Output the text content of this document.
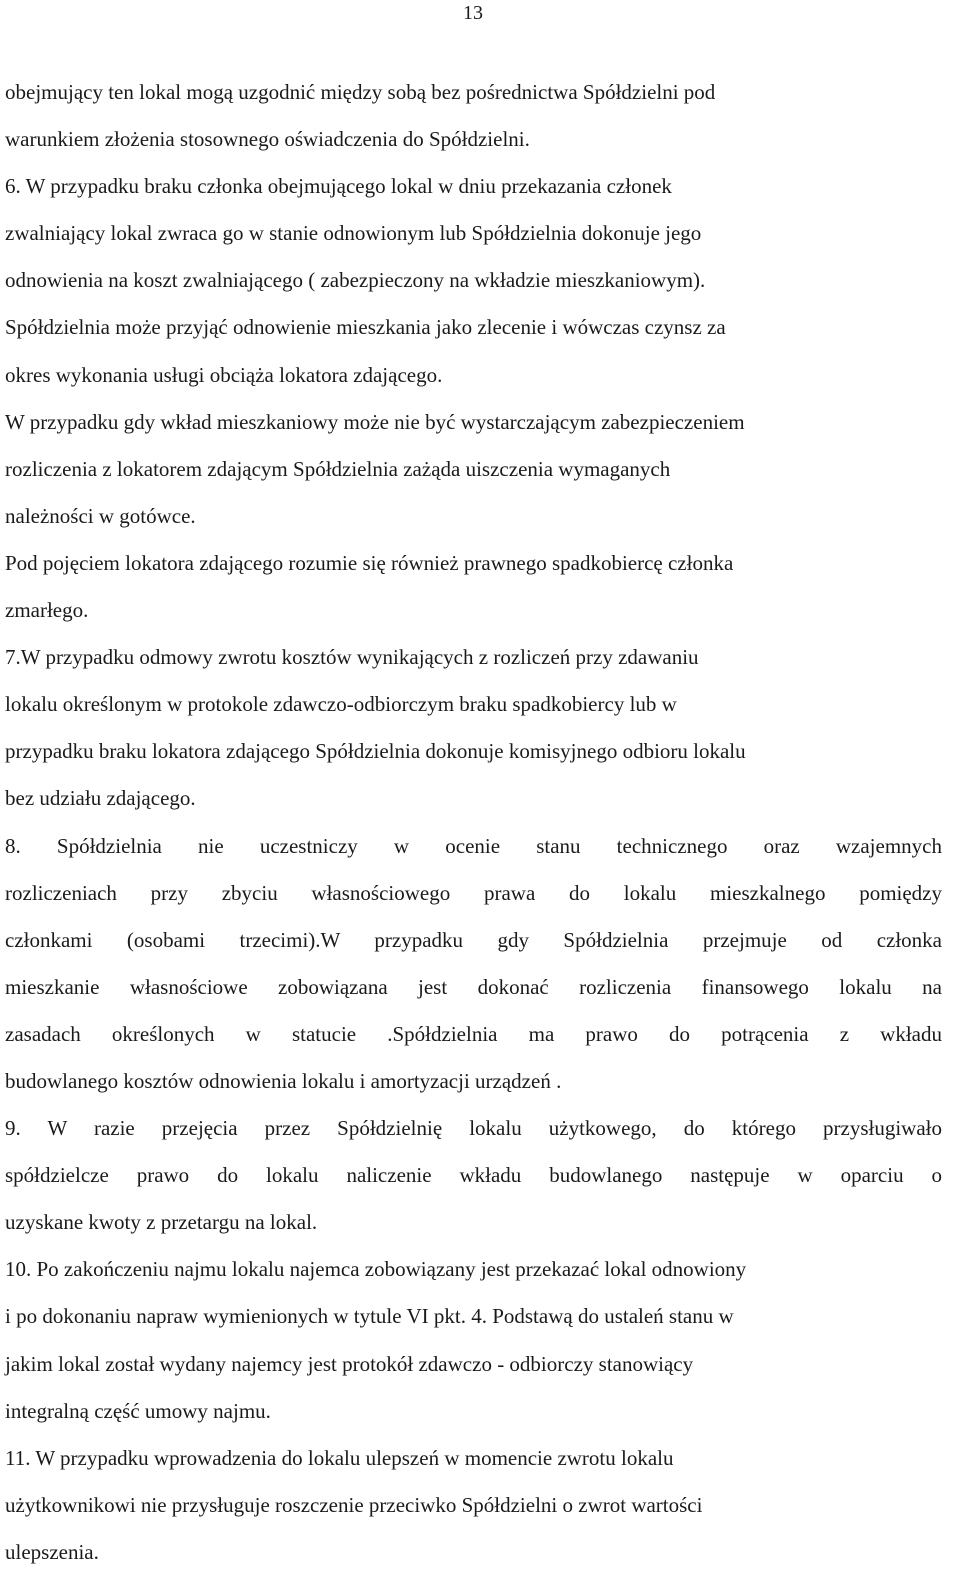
13
obejmujący ten lokal mogą uzgodnić między sobą bez pośrednictwa Spółdzielni pod
warunkiem złożenia stosownego oświadczenia do Spółdzielni.
6. W przypadku braku członka obejmującego lokal w dniu przekazania członek
zwalniający lokal zwraca go w stanie odnowionym lub Spółdzielnia dokonuje jego
odnowienia na koszt zwalniającego ( zabezpieczony na wkładzie mieszkaniowym).
Spółdzielnia może przyjąć odnowienie mieszkania jako zlecenie i wówczas czynsz za
okres wykonania usługi obciąża lokatora zdającego.
W przypadku gdy wkład mieszkaniowy może nie być wystarczającym zabezpieczeniem
rozliczenia z lokatorem zdającym Spółdzielnia zażąda uiszczenia wymaganych
należności w gotówce.
Pod pojęciem lokatora zdającego rozumie się również prawnego spadkobiercę członka
zmarłego.
7.W przypadku odmowy zwrotu kosztów wynikających z rozliczeń przy zdawaniu
lokalu określonym w protokole zdawczo-odbiorczym braku spadkobiercy lub w
przypadku braku lokatora zdającego Spółdzielnia dokonuje komisyjnego odbioru lokalu
bez udziału zdającego.
8. Spółdzielnia nie uczestniczy w ocenie stanu technicznego oraz wzajemnych
rozliczeniach przy zbyciu własnościowego prawa do lokalu mieszkalnego pomiędzy
członkami (osobami trzecimi).W przypadku gdy Spółdzielnia przejmuje od członka
mieszkanie własnościowe zobowiązana jest dokonać rozliczenia finansowego lokalu na
zasadach określonych w statucie .Spółdzielnia ma prawo do potrącenia z wkładu
budowlanego kosztów odnowienia lokalu i amortyzacji urządzeń .
9. W razie przejęcia przez Spółdzielnię lokalu użytkowego, do którego przysługiwało
spółdzielcze prawo do lokalu naliczenie wkładu budowlanego następuje w oparciu o
uzyskane kwoty z przetargu na lokal.
10. Po zakończeniu najmu lokalu najemca zobowiązany jest przekazać lokal odnowiony
i po dokonaniu napraw wymienionych w tytule VI pkt. 4. Podstawą do ustaleń stanu w
jakim lokal został wydany najemcy jest protokół zdawczo - odbiorczy stanowiący
integralną część umowy najmu.
11. W przypadku wprowadzenia do lokalu ulepszeń w momencie zwrotu lokalu
użytkownikowi nie przysługuje roszczenie przeciwko Spółdzielni o zwrot wartości
ulepszenia.
